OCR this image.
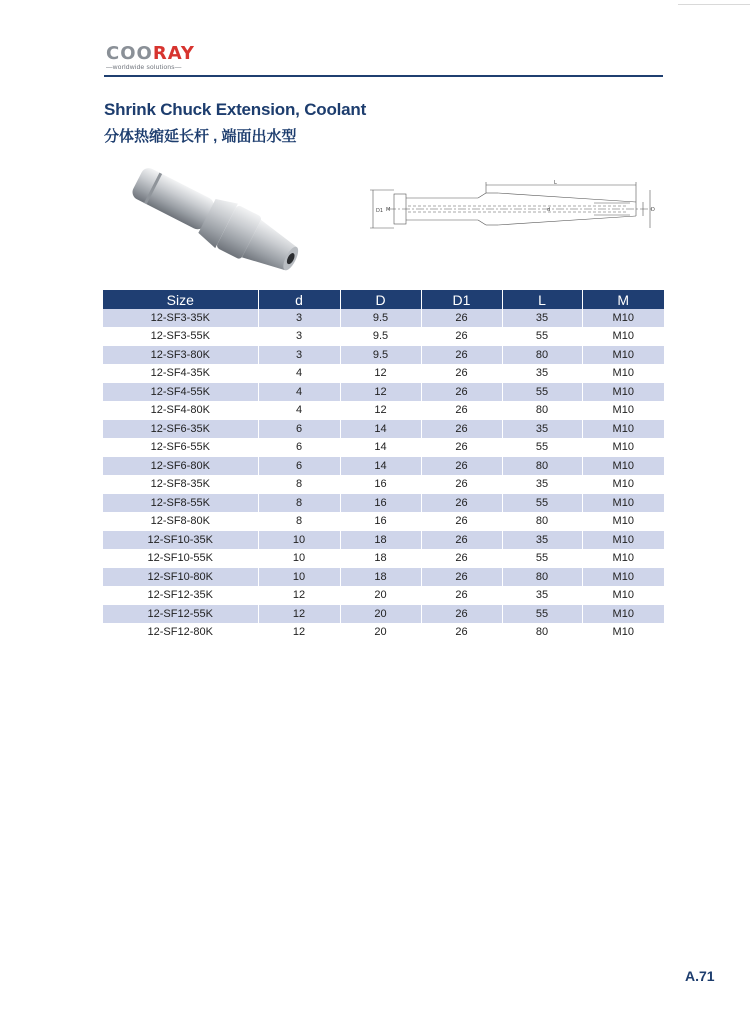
COORAY
—worldwide solutions—
Shrink Chuck Extension, Coolant
分体热缩延长杆 , 端面出水型
L
d
D1 M	D
Size	d	D	D1	L	M
12-SF3-35K	3	9.5	26	35	M10
12-SF3-55K	3	9.5	26	55	M10
12-SF3-80K	3	9.5	26	80	M10
12-SF4-35K	4	12	26	35	M10
12-SF4-55K	4	12	26	55	M10
12-SF4-80K	4	12	26	80	M10
12-SF6-35K	6	14	26	35	M10
12-SF6-55K	6	14	26	55	M10
12-SF6-80K	6	14	26	80	M10
12-SF8-35K	8	16	26	35	M10
12-SF8-55K	8	16	26	55	M10
12-SF8-80K	8	16	26	80	M10
12-SF10-35K	10	18	26	35	M10
12-SF10-55K	10	18	26	55	M10
12-SF10-80K	10	18	26	80	M10
12-SF12-35K	12	20	26	35	M10
12-SF12-55K	12	20	26	55	M10
12-SF12-80K	12	20	26	80	M10
A.71
